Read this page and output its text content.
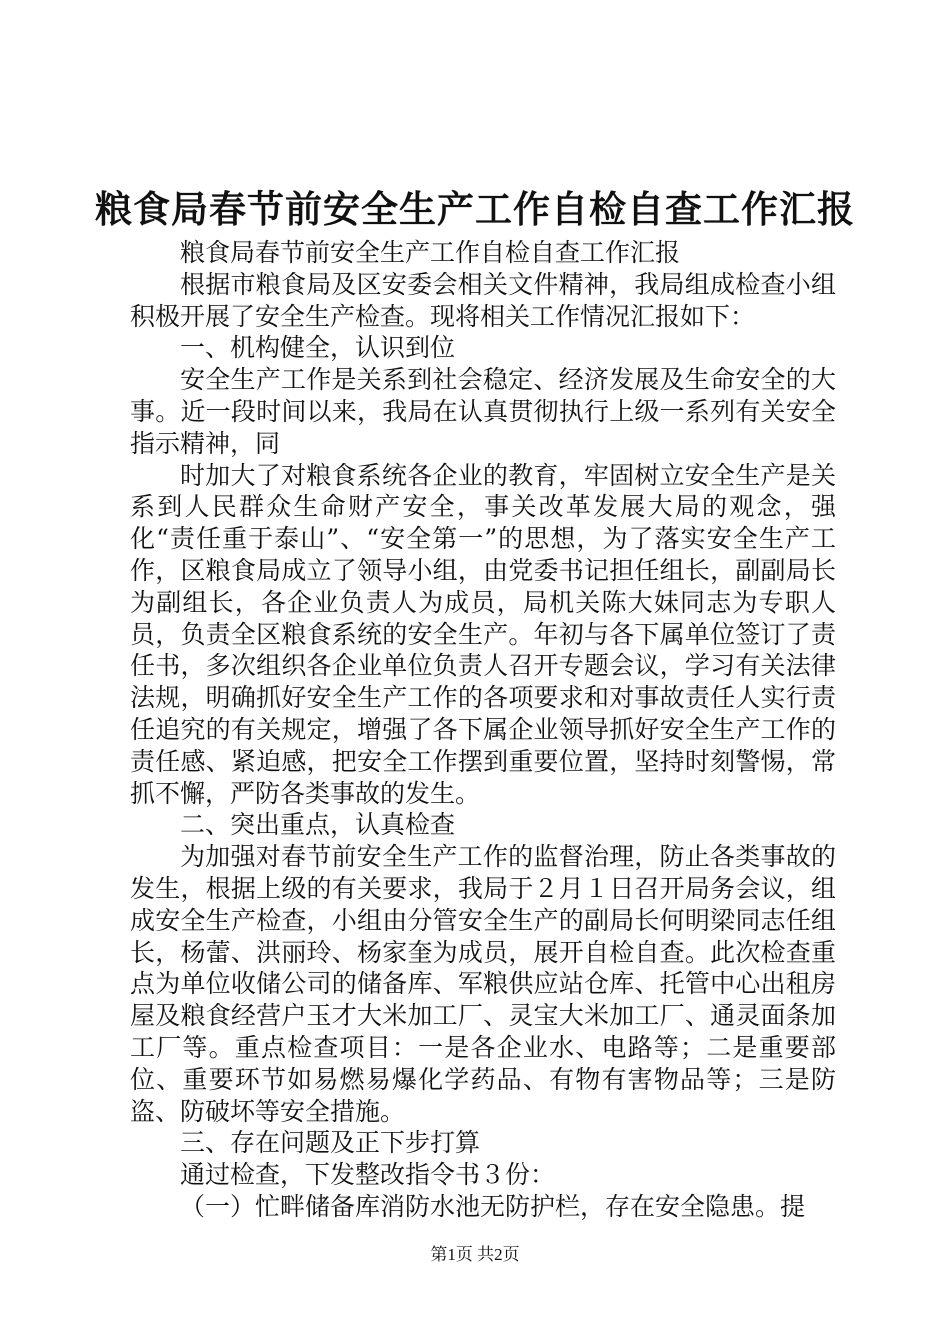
粮食局春节前安全生产工作自检自查工作汇报

粮食局春节前安全生产工作自检自查工作汇报

根据市粮食局及区安委会相关文件精神，我局组成检查小组积极开展了安全生产检查。现将相关工作情况汇报如下：

一、机构健全，认识到位

安全生产工作是关系到社会稳定、经济发展及生命安全的大事。近一段时间以来，我局在认真贯彻执行上级一系列有关安全指示精神，同

时加大了对粮食系统各企业的教育，牢固树立安全生产是关系到人民群众生命财产安全，事关改革发展大局的观念，强化“责任重于泰山”、“安全第一”的思想，为了落实安全生产工作，区粮食局成立了领导小组，由党委书记担任组长，副副局长为副组长，各企业负责人为成员，局机关陈大妹同志为专职人员，负责全区粮食系统的安全生产。年初与各下属单位签订了责任书，多次组织各企业单位负责人召开专题会议，学习有关法律法规，明确抓好安全生产工作的各项要求和对事故责任人实行责任追究的有关规定，增强了各下属企业领导抓好安全生产工作的责任感、紧迫感，把安全工作摆到重要位置，坚持时刻警惕，常抓不懈，严防各类事故的发生。

二、突出重点，认真检查

为加强对春节前安全生产工作的监督治理，防止各类事故的发生，根据上级的有关要求，我局于２月１日召开局务会议，组成安全生产检查，小组由分管安全生产的副局长何明梁同志任组长，杨蕾、洪丽玲、杨家奎为成员，展开自检自查。此次检查重点为单位收储公司的储备库、军粮供应站仓库、托管中心出租房屋及粮食经营户玉才大米加工厂、灵宝大米加工厂、通灵面条加工厂等。重点检查项目：一是各企业水、电路等；二是重要部位、重要环节如易燃易爆化学药品、有物有害物品等；三是防盗、防破坏等安全措施。

三、存在问题及正下步打算

通过检查，下发整改指令书３份：

（一）忙畔储备库消防水池无防护栏，存在安全隐患。提

第1页 共2页
